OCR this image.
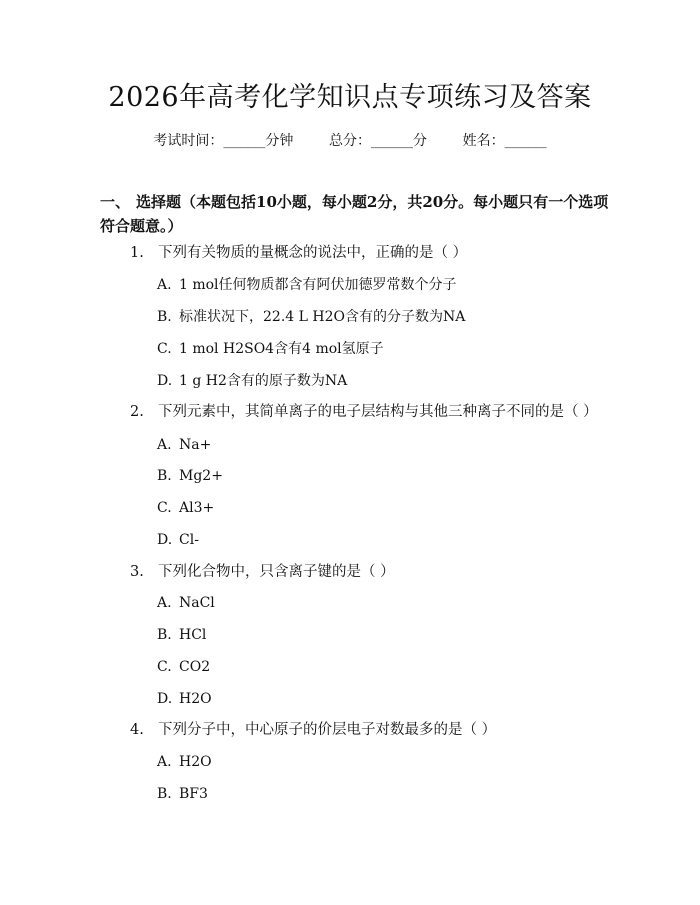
2026年高考化学知识点专项练习及答案
考试时间：______分钟	总分：______分	姓名：______
一、 选择题（本题包括10小题，每小题2分，共20分。每小题只有一个选项符合题意。）
1. 下列有关物质的量概念的说法中，正确的是（ ）
A. 1 mol任何物质都含有阿伏加德罗常数个分子
B. 标准状况下，22.4 L H2O含有的分子数为NA
C. 1 mol H2SO4含有4 mol氢原子
D. 1 g H2含有的原子数为NA
2. 下列元素中，其简单离子的电子层结构与其他三种离子不同的是（ ）
A. Na+
B. Mg2+
C. Al3+
D. Cl-
3. 下列化合物中，只含离子键的是（ ）
A. NaCl
B. HCl
C. CO2
D. H2O
4. 下列分子中，中心原子的价层电子对数最多的是（ ）
A. H2O
B. BF3
